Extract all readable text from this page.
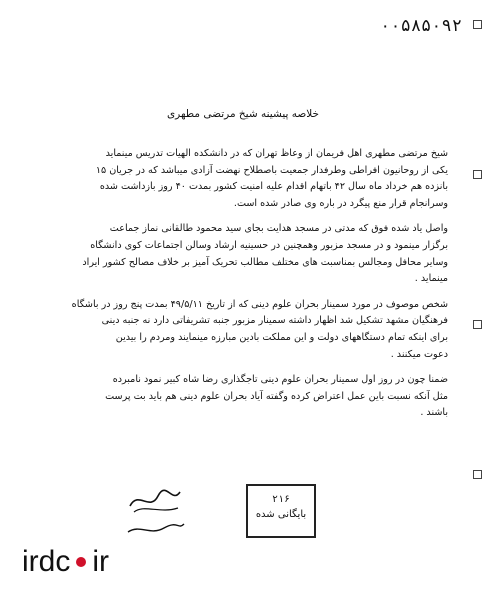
۰۰۵۸۵۰۹۲
خلاصه پیشینه شیخ مرتضی مطهری
شیخ مرتضی مطهری اهل فریمان از وعاظ تهران که در دانشکده الهیات تدریس مینماید
یکی از روحانیون افراطی وطرفدار جمعیت باصطلاح نهضت آزادی میباشد که در جریان ۱۵
بانزده هم خرداد ماه سال ۴۲ باتهام اقدام علیه امنیت کشور بمدت ۴۰ روز بازداشت شده
وسرانجام قرار منع پیگرد در باره وی صادر شده است.
واصل یاد شده فوق که مدتی در مسجد هدایت بجای سید محمود طالقانی نماز جماعت
برگزار مینمود و در مسجد مزبور وهمچنین در حسینیه ارشاد وسالن اجتماعات کوی دانشگاه
وسایر محافل ومجالس بمناسبت های مختلف مطالب تحریک آمیز بر خلاف مصالح کشور ایراد
مینماید .
شخص موصوف در مورد سمینار بحران علوم دینی که از تاریخ ۴۹/۵/۱۱ بمدت پنج روز در باشگاه
فرهنگیان مشهد تشکیل شد اظهار داشته سمینار مزبور جنبه تشریفاتی دارد نه جنبه دینی
برای اینکه تمام دستگاههای دولت و این مملکت بادین مبارزه مینمایند ومردم را بیدین
دعوت میکنند .
ضمنا چون در روز اول سمینار بحران علوم دینی تاجگذاری رضا شاه کبیر نمود نامبرده
مثل آنکه نسبت باین عمل اعتراض کرده وگفته آیاد بحران علوم دینی هم باید بت پرست
باشند .
۲۱۶
بایگانی شده
irdc ir
